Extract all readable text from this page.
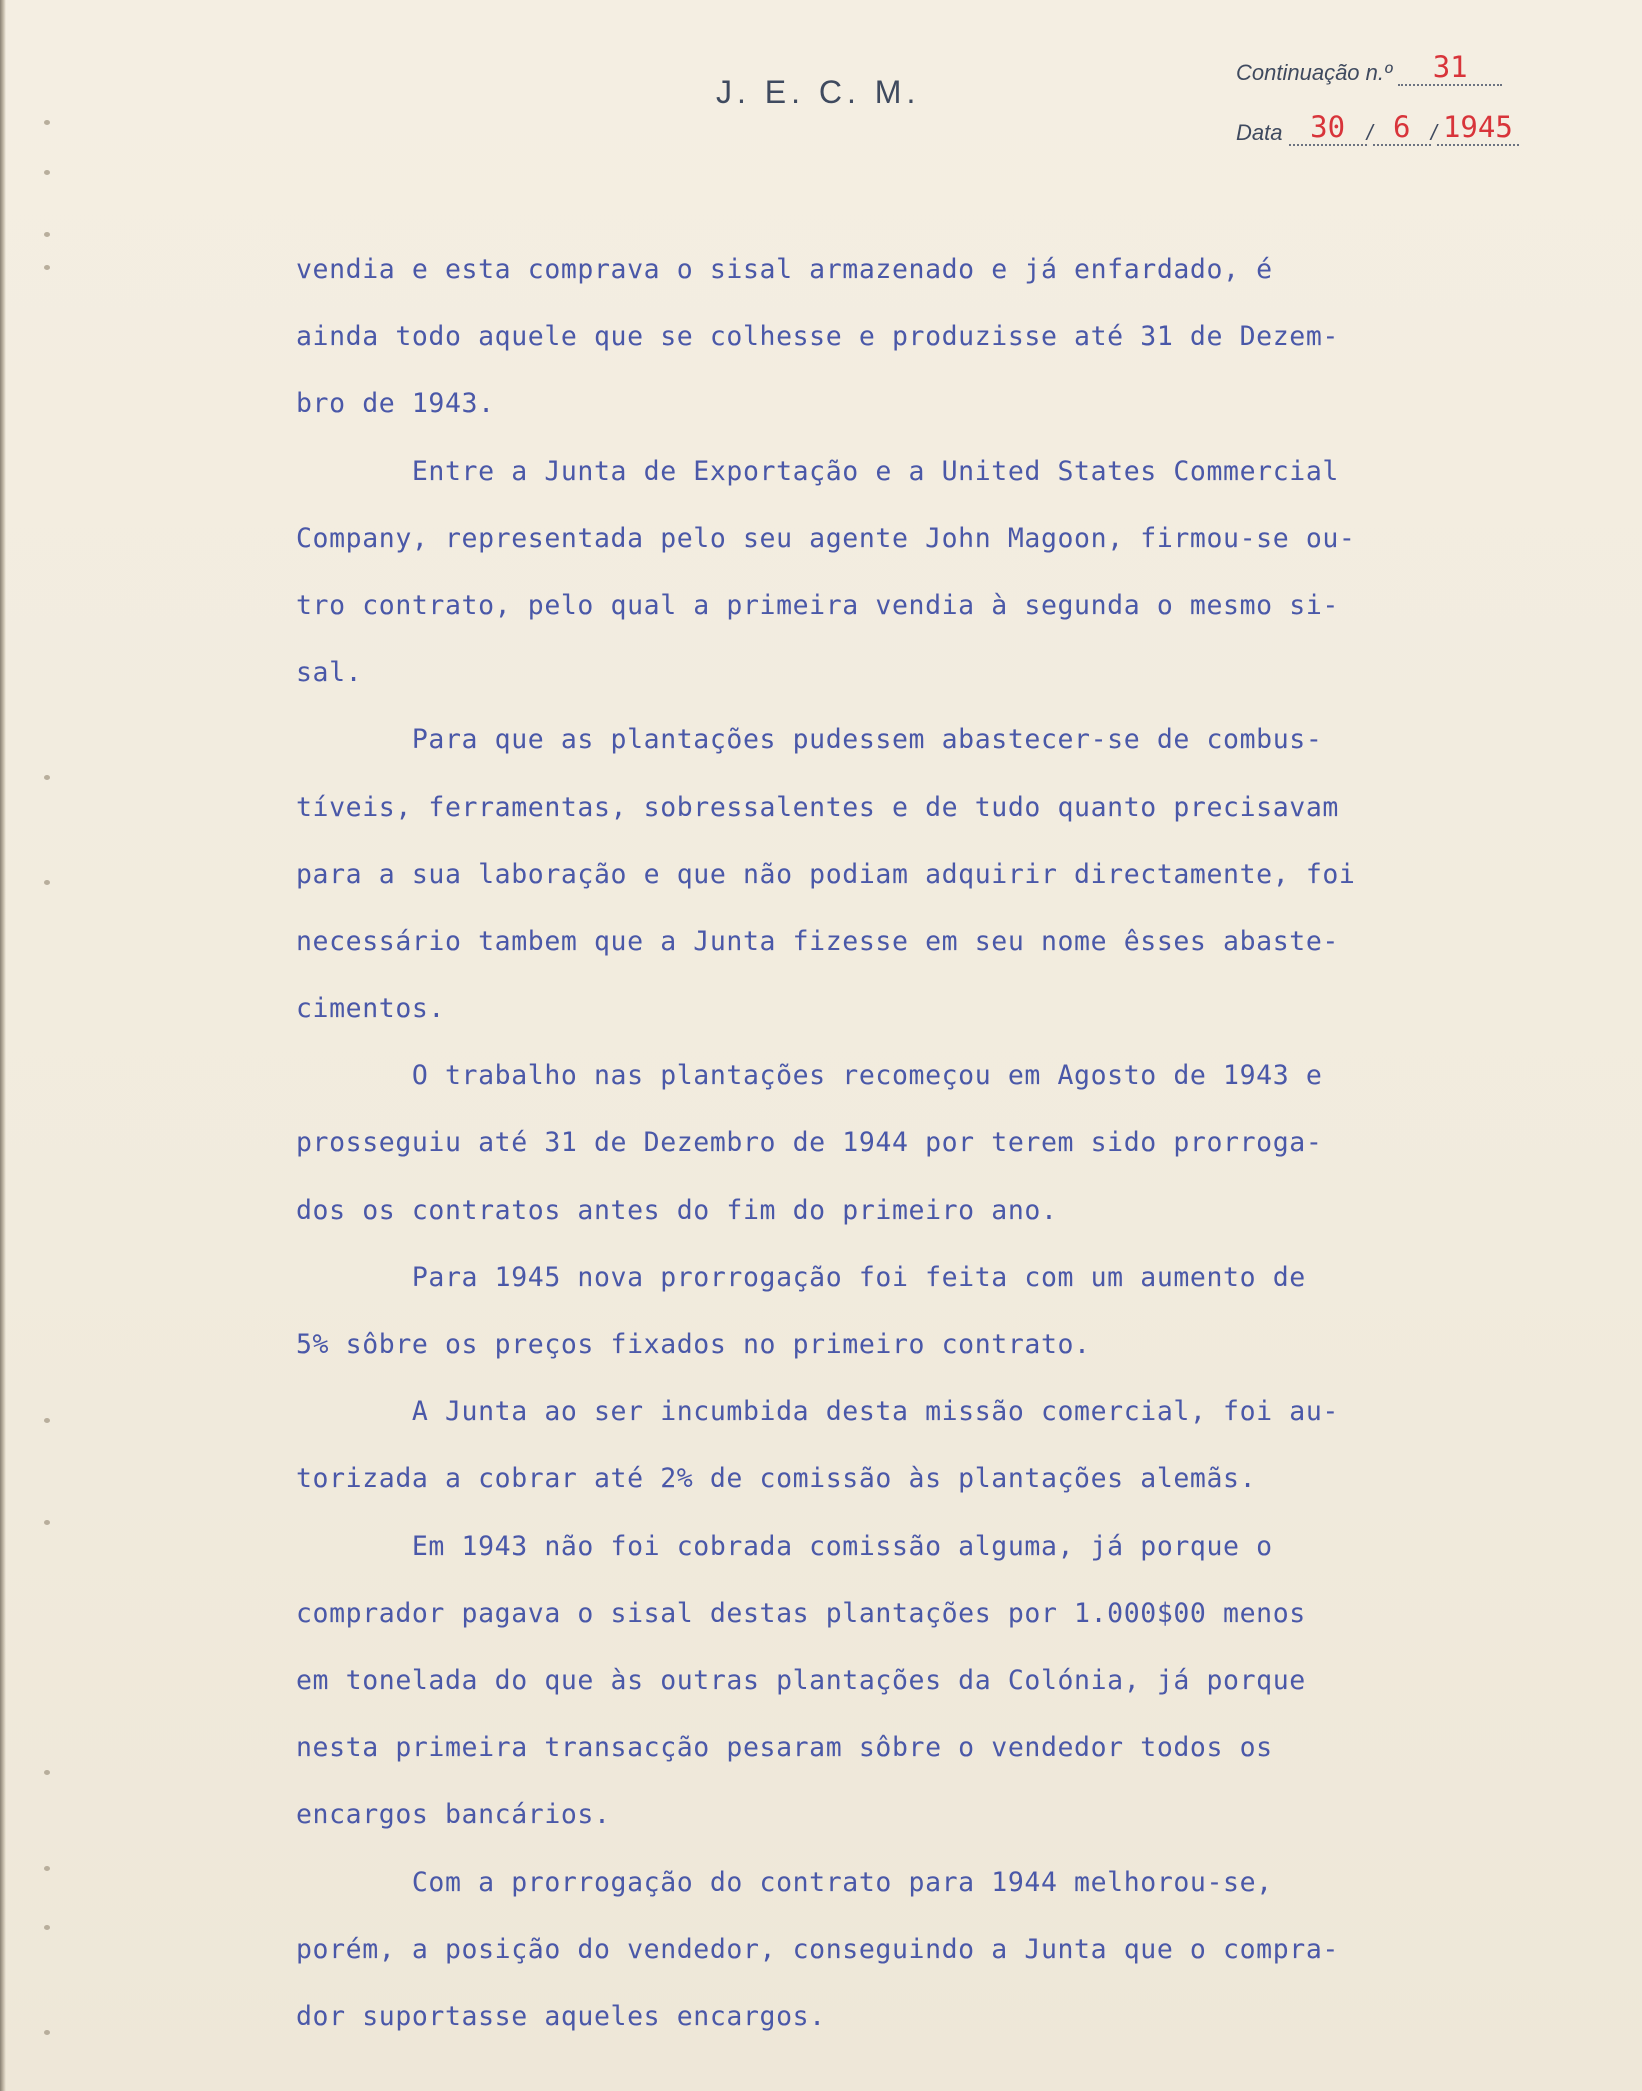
J. E. C. M.
Continuação n.º 31
Data 30 / 6 / 1945
vendia e esta compravа o sisal armazenado e já enfardado, é
ainda todo aquele que se colhesse e produzisse até 31 de Dezem-
bro de 1943.
Entre a Junta de Exportação e a United States Commercial
Company, representada pelo seu agente John Magoon, firmou-se ou-
tro contrato, pelo qual a primeira vendia à segunda o mesmo si-
sal.
Para que as plantações pudessem abastecer-se de combus-
tíveis, ferramentas, sobressalentes e de tudo quanto precisavam
para a sua laboração e que não podiam adquirir directamente, foi
necessário tambem que a Junta fizesse em seu nome êsses abaste-
cimentos.
O trabalho nas plantações recomeçou em Agosto de 1943 e
prosseguiu até 31 de Dezembro de 1944 por terem sido prorroga-
dos os contratos antes do fim do primeiro ano.
Para 1945 nova prorrogação foi feita com um aumento de
5% sôbre os preços fixados no primeiro contrato.
A Junta ao ser incumbida desta missão comercial, foi au-
torizada a cobrar até 2% de comissão às plantações alemãs.
Em 1943 não foi cobrada comissão alguma, já porque o
comprador pagava o sisal destas plantações por 1.000$00 menos
em tonelada do que às outras plantações da Colónia, já porque
nesta primeira transacção pesaram sôbre o vendedor todos os
encargos bancários.
Com a prorrogação do contrato para 1944 melhorou-se,
porém, a posição do vendedor, conseguindo a Junta que o compra-
dor suportasse aqueles encargos.
